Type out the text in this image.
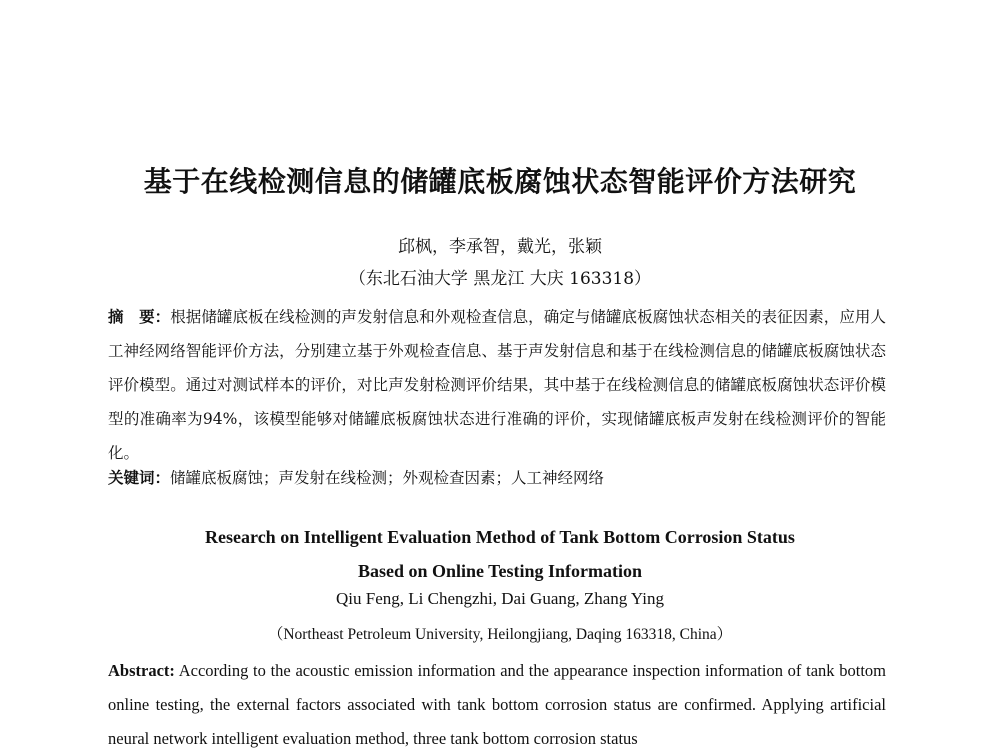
基于在线检测信息的储罐底板腐蚀状态智能评价方法研究
邱枫，李承智，戴光，张颖
（东北石油大学 黑龙江 大庆 163318）

摘　要：根据储罐底板在线检测的声发射信息和外观检查信息，确定与储罐底板腐蚀状态相关的表征因素，应用人工神经网络智能评价方法，分别建立基于外观检查信息、基于声发射信息和基于在线检测信息的储罐底板腐蚀状态评价模型。通过对测试样本的评价，对比声发射检测评价结果，其中基于在线检测信息的储罐底板腐蚀状态评价模型的准确率为94%，该模型能够对储罐底板腐蚀状态进行准确的评价，实现储罐底板声发射在线检测评价的智能化。

关键词：储罐底板腐蚀；声发射在线检测；外观检查因素；人工神经网络
Research on Intelligent Evaluation Method of Tank Bottom Corrosion Status
Based on Online Testing Information
Qiu Feng, Li Chengzhi, Dai Guang, Zhang Ying
（Northeast Petroleum University, Heilongjiang, Daqing 163318, China）

Abstract: According to the acoustic emission information and the appearance inspection information of tank bottom online testing, the external factors associated with tank bottom corrosion status are confirmed. Applying artificial neural network intelligent evaluation method, three tank bottom corrosion status
